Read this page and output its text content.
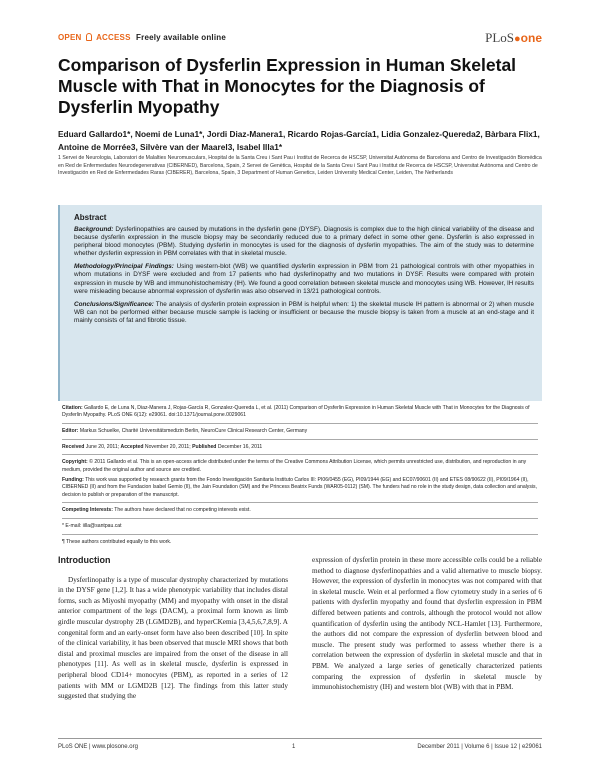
OPEN ACCESS Freely available online	PLoS●one
Comparison of Dysferlin Expression in Human Skeletal Muscle with That in Monocytes for the Diagnosis of Dysferlin Myopathy
Eduard Gallardo1*, Noemi de Luna1*, Jordi Diaz-Manera1, Ricardo Rojas-García1, Lidia Gonzalez-Quereda2, Bàrbara Flix1, Antoine de Morrée3, Silvère van der Maarel3, Isabel Illa1*
1 Servei de Neurologia, Laboratori de Malalties Neuromusculars, Hospital de la Santa Creu i Sant Pau i Institut de Recerca de HSCSP, Universitat Autònoma de Barcelona and Centro de Investigación Biomédica en Red de Enfermedades Neurodegenerativas (CIBERNED), Barcelona, Spain, 2 Servei de Genètica, Hospital de la Santa Creu i Sant Pau i Institut de Recerca de HSCSP, Universitat Autònoma and Centro de Investigación en Red de Enfermedades Raras (CIBERER), Barcelona, Spain, 3 Department of Human Genetics, Leiden University Medical Center, Leiden, The Netherlands
Abstract

Background: Dysferlinopathies are caused by mutations in the dysferlin gene (DYSF). Diagnosis is complex due to the high clinical variability of the disease and because dysferlin expression in the muscle biopsy may be secondarily reduced due to a primary defect in some other gene. Dysferlin is also expressed in peripheral blood monocytes (PBM). Studying dysferlin in monocytes is used for the diagnosis of dysferlin myopathies. The aim of the study was to determine whether dysferlin expression in PBM correlates with that in skeletal muscle.

Methodology/Principal Findings: Using western-blot (WB) we quantified dysferlin expression in PBM from 21 pathological controls with other myopathies in whom mutations in DYSF were excluded and from 17 patients who had dysferlinopathy and two mutations in DYSF. Results were compared with protein expression in muscle by WB and immunohistochemistry (IH). We found a good correlation between skeletal muscle and monocytes using WB. However, IH results were misleading because abnormal expression of dysferlin was also observed in 13/21 pathological controls.

Conclusions/Significance: The analysis of dysferlin protein expression in PBM is helpful when: 1) the skeletal muscle IH pattern is abnormal or 2) when muscle WB can not be performed either because muscle sample is lacking or insufficient or because the muscle biopsy is taken from a muscle at an end-stage and it mainly consists of fat and fibrotic tissue.

Citation: Gallardo E, de Luna N, Diaz-Manera J, Rojas-García R, Gonzalez-Quereda L, et al. (2011) Comparison of Dysferlin Expression in Human Skeletal Muscle with That in Monocytes for the Diagnosis of Dysferlin Myopathy. PLoS ONE 6(12): e29061. doi:10.1371/journal.pone.0029061

Editor: Markus Schuelke, Charité Universitätsmedizin Berlin, NeuroCure Clinical Research Center, Germany

Received June 20, 2011; Accepted November 20, 2011; Published December 16, 2011

Copyright: © 2011 Gallardo et al. This is an open-access article distributed under the terms of the Creative Commons Attribution License, which permits unrestricted use, distribution, and reproduction in any medium, provided the original author and source are credited.

Funding: This work was supported by research grants from the Fondo Investigación Sanitaria Instituto Carlos III: PI06/0455 (EG), PI09/1944 (EG) and EC07/90601 (II) and ETES 08/90622 (II), PI09/1964 (II), CIBERNED (II) and from the Fundacion Isabel Gemio (II), the Jain Foundation (SM) and the Princess Beatrix Funds (WAR05-0112) (SM). The funders had no role in the study design, data collection and analysis, decision to publish or preparation of the manuscript.

Competing Interests: The authors have declared that no competing interests exist.

* E-mail: iilla@santpau.cat

¶ These authors contributed equally to this work.

Introduction

Dysferlinopathy is a type of muscular dystrophy characterized by mutations in the DYSF gene [1,2]. It has a wide phenotypic variability that includes distal forms, such as Miyoshi myopathy (MM) and myopathy with onset in the distal anterior compartment of the legs (DACM), a proximal form known as limb girdle muscular dystrophy 2B (LGMD2B), and hyperCKemia [3,4,5,6,7,8,9]. A congenital form and an early-onset form have also been described [10]. In spite of the clinical variability, it has been observed that muscle MRI shows that both distal and proximal muscles are impaired from the onset of the disease in all phenotypes [11]. As well as in skeletal muscle, dysferlin is expressed in peripheral blood CD14+ monocytes (PBM), as reported in a series of 12 patients with MM or LGMD2B [12]. The findings from this latter study suggested that studying the

expression of dysferlin protein in these more accessible cells could be a reliable method to diagnose dysferlinopathies and a valid alternative to muscle biopsy. However, the expression of dysferlin in monocytes was not compared with that in skeletal muscle. Wein et al performed a flow cytometry study in a series of 6 patients with dysferlin myopathy and found that dysferlin expression in PBM differed between patients and controls, although the protocol would not allow quantification of dysferlin using the antibody NCL-Hamlet [13]. Furthermore, the authors did not compare the expression of dysferlin between blood and muscle. The present study was performed to assess whether there is a correlation between the expression of dysferlin in skeletal muscle and that in PBM. We analyzed a large series of genetically characterized patients comparing the expression of dysferlin in skeletal muscle by immunohistochemistry (IH) and western blot (WB) with that in PBM.

PLoS ONE | www.plosone.org	1	December 2011 | Volume 6 | Issue 12 | e29061
